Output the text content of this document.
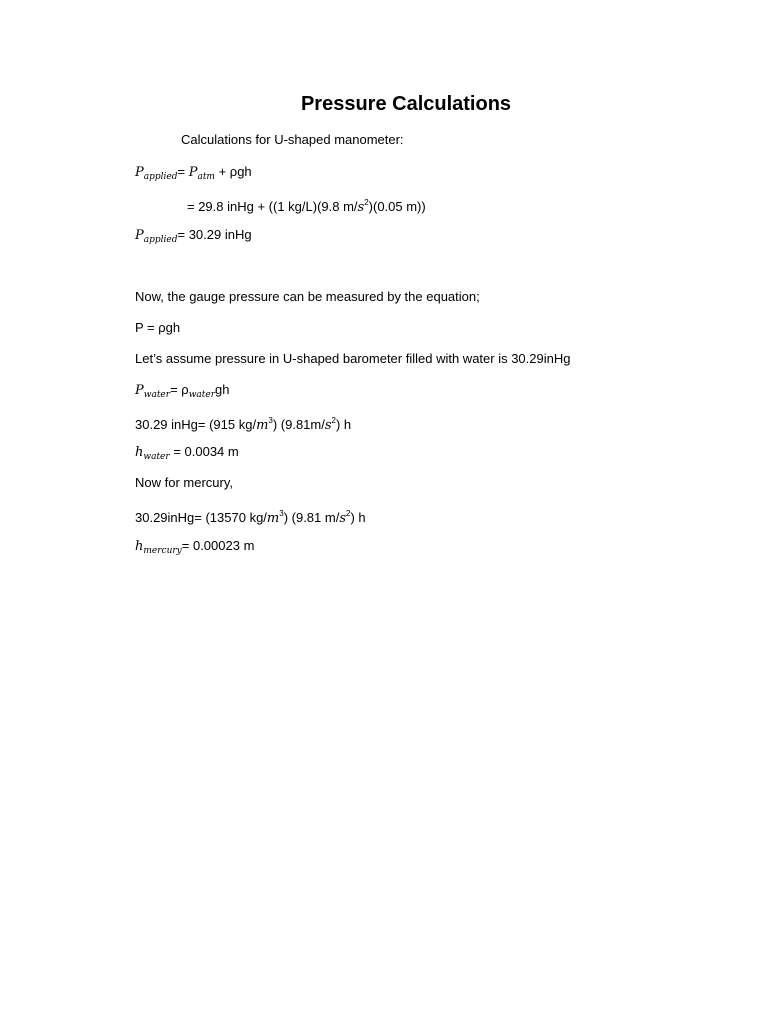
Pressure Calculations
Calculations for U-shaped manometer:
$P_{applied}= P_{atm} + \rho gh$
= 29.8 inHg + ((1 kg/L)(9.8 $m/s^2)(0.05$ m))
$P_{applied}= 30.29$ inHg
Now, the gauge pressure can be measured by the equation;
P = ρgh
Let’s assume pressure in U-shaped barometer filled with water is 30.29inHg
$P_{water}= \rho_{water}gh$
30.29 inHg= (915 $kg/m^3$) $(9.81m/s^2)$ h
$h_{water} = 0.0034$ m
Now for mercury,
30.29inHg= (13570 $kg/m^3$) (9.81 $m/s^2$) h
$h_{mercury}= 0.00023$ m
